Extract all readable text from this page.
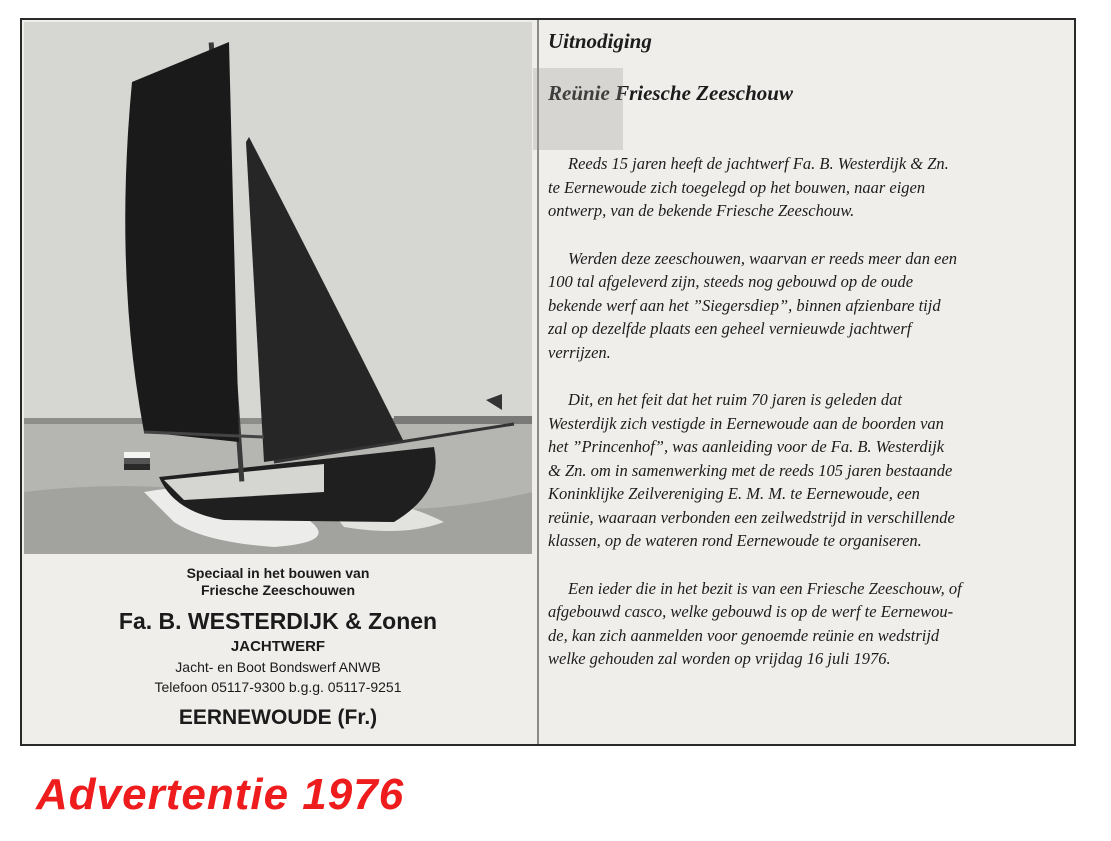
Speciaal in het bouwen van

Friesche Zeeschouwen

Fa. B. WESTERDIJK & Zonen

JACHTWERF

Jacht- en Boot Bondswerf ANWB

Telefoon 05117-9300 b.g.g. 05117-9251

EERNEWOUDE (Fr.)

Uitnodiging

Reünie Friesche Zeeschouw

Reeds 15 jaren heeft de jachtwerf Fa. B. Westerdijk & Zn.
te Eernewoude zich toegelegd op het bouwen, naar eigen
ontwerp, van de bekende Friesche Zeeschouw.

Werden deze zeeschouwen, waarvan er reeds meer dan een
100 tal afgeleverd zijn, steeds nog gebouwd op de oude
bekende werf aan het ”Siegersdiep”, binnen afzienbare tijd
zal op dezelfde plaats een geheel vernieuwde jachtwerf
verrijzen.

Dit, en het feit dat het ruim 70 jaren is geleden dat
Westerdijk zich vestigde in Eernewoude aan de boorden van
het ”Princenhof”, was aanleiding voor de Fa. B. Westerdijk
& Zn. om in samenwerking met de reeds 105 jaren bestaande
Koninklijke Zeilvereniging E. M. M. te Eernewoude, een
reünie, waaraan verbonden een zeilwedstrijd in verschillende
klassen, op de wateren rond Eernewoude te organiseren.

Een ieder die in het bezit is van een Friesche Zeeschouw, of
afgebouwd casco, welke gebouwd is op de werf te Eernewou-
de, kan zich aanmelden voor genoemde reünie en wedstrijd
welke gehouden zal worden op vrijdag 16 juli 1976.

Advertentie 1976
